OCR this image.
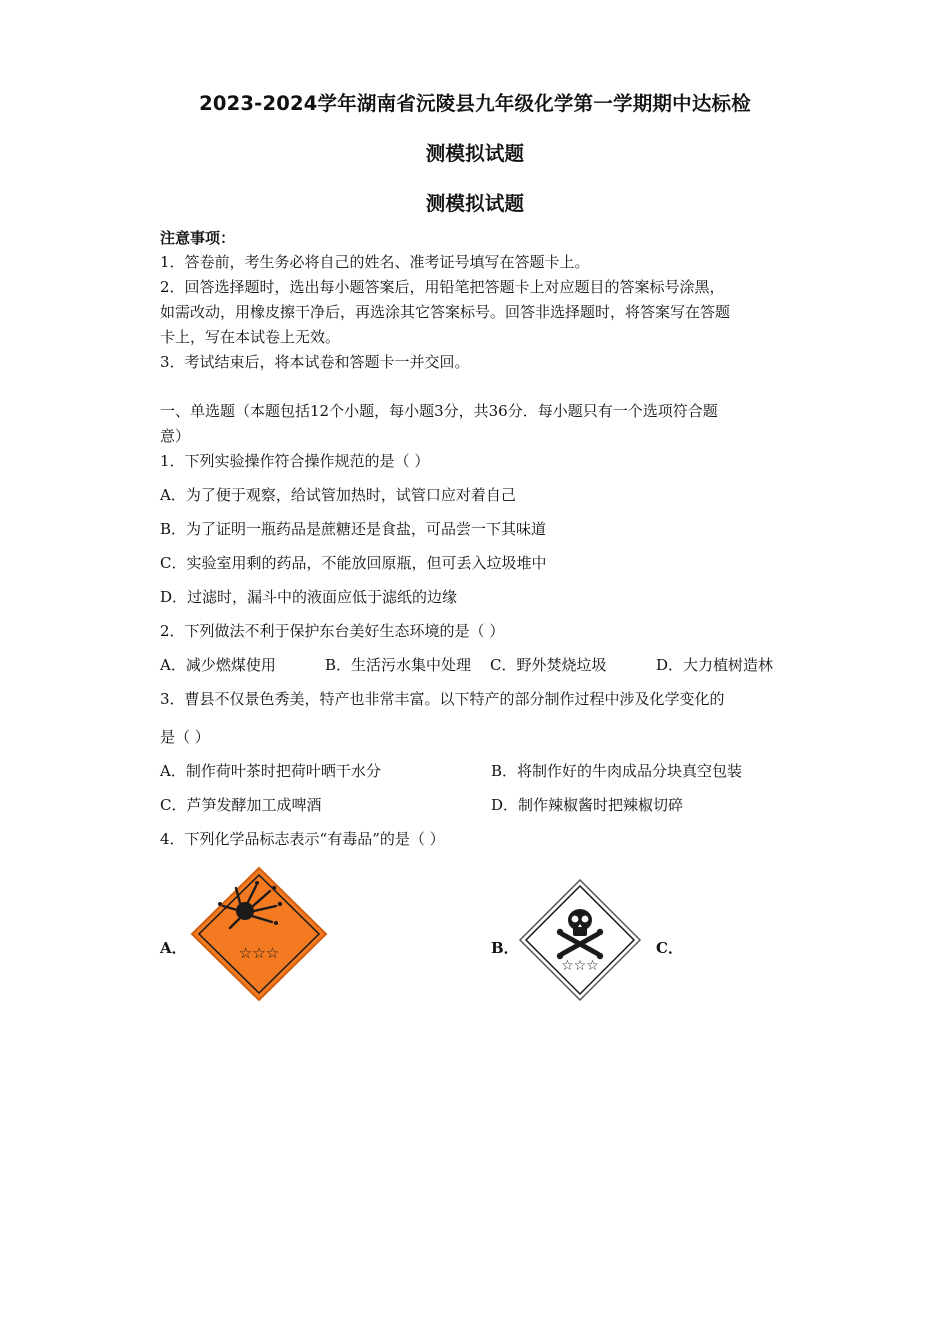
2023-2024学年湖南省沅陵县九年级化学第一学期期中达标检
测模拟试题
测模拟试题
注意事项：
1．答卷前，考生务必将自己的姓名、准考证号填写在答题卡上。
2．回答选择题时，选出每小题答案后，用铅笔把答题卡上对应题目的答案标号涂黑，
如需改动，用橡皮擦干净后，再选涂其它答案标号。回答非选择题时，将答案写在答题
卡上，写在本试卷上无效。
3．考试结束后，将本试卷和答题卡一并交回。
一、单选题（本题包括12个小题，每小题3分，共36分．每小题只有一个选项符合题
意）
1．下列实验操作符合操作规范的是（ ）
A．为了便于观察，给试管加热时，试管口应对着自己
B．为了证明一瓶药品是蔗糖还是食盐，可品尝一下其味道
C．实验室用剩的药品，不能放回原瓶，但可丢入垃圾堆中
D．过滤时，漏斗中的液面应低于滤纸的边缘
2．下列做法不利于保护东台美好生态环境的是（ ）
A．减少燃煤使用	B．生活污水集中处理 C．野外焚烧垃圾	D．大力植树造林
3．曹县不仅景色秀美，特产也非常丰富。以下特产的部分制作过程中涉及化学变化的
是（ ）
A．制作荷叶茶时把荷叶晒干水分	B．将制作好的牛肉成品分块真空包装
C．芦笋发酵加工成啤酒	D．制作辣椒酱时把辣椒切碎
4．下列化学品标志表示“有毒品”的是（ ）
A．	☆☆☆	B．
☆☆☆
C．
